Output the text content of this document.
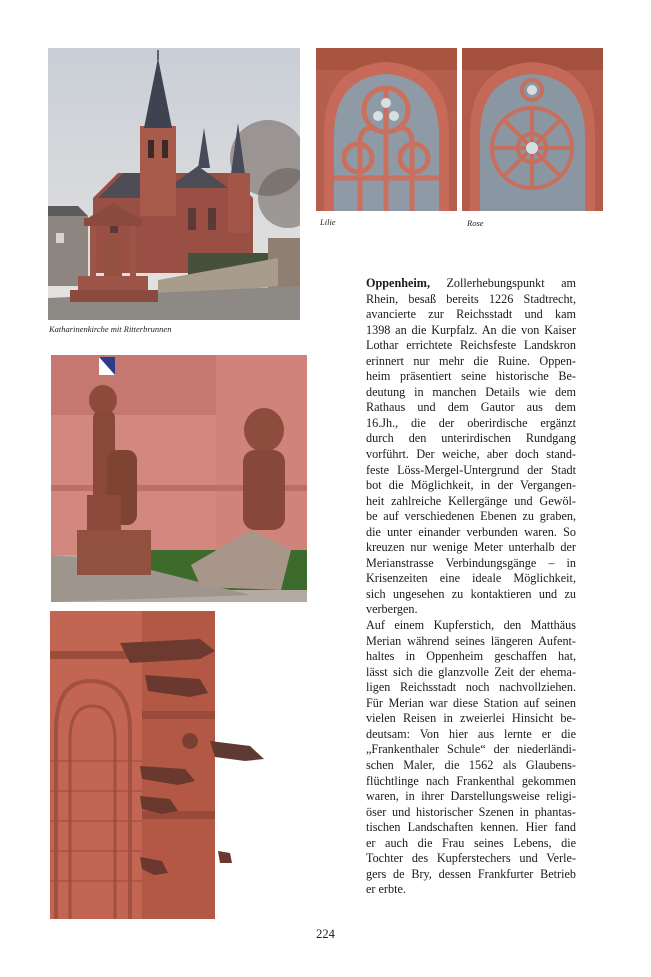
Katharinenkirche mit Ritterbrunnen
Lilie	Rose
Oppenheim, Zollerhebungspunkt am
Rhein, besaß bereits 1226 Stadtrecht,
avancierte zur Reichsstadt und kam
1398 an die Kurpfalz. An die von Kaiser
Lothar errichtete Reichsfeste Landskron
erinnert nur mehr die Ruine. Oppen-
heim präsentiert seine historische Be-
deutung in manchen Details wie dem
Rathaus und dem Gautor aus dem
16.Jh., die der oberirdische ergänzt
durch den unterirdischen Rundgang
vorführt. Der weiche, aber doch stand-
feste Löss-Mergel-Untergrund der Stadt
bot die Möglichkeit, in der Vergangen-
heit zahlreiche Kellergänge und Gewöl-
be auf verschiedenen Ebenen zu graben,
die unter einander verbunden waren. So
kreuzen nur wenige Meter unterhalb der
Merianstrasse Verbindungsgänge – in
Krisenzeiten eine ideale Möglichkeit,
sich ungesehen zu kontaktieren und zu
verbergen.
Auf einem Kupferstich, den Matthäus
Merian während seines längeren Aufent-
haltes in Oppenheim geschaffen hat,
lässt sich die glanzvolle Zeit der ehema-
ligen Reichsstadt noch nachvollziehen.
Für Merian war diese Station auf seinen
vielen Reisen in zweierlei Hinsicht be-
deutsam: Von hier aus lernte er die
„Frankenthaler Schule“ der niederländi-
schen Maler, die 1562 als Glaubens-
flüchtlinge nach Frankenthal gekommen
waren, in ihrer Darstellungsweise religi-
öser und historischer Szenen in phantas-
tischen Landschaften kennen. Hier fand
er auch die Frau seines Lebens, die
Tochter des Kupferstechers und Verle-
gers de Bry, dessen Frankfurter Betrieb
er erbte.
224
